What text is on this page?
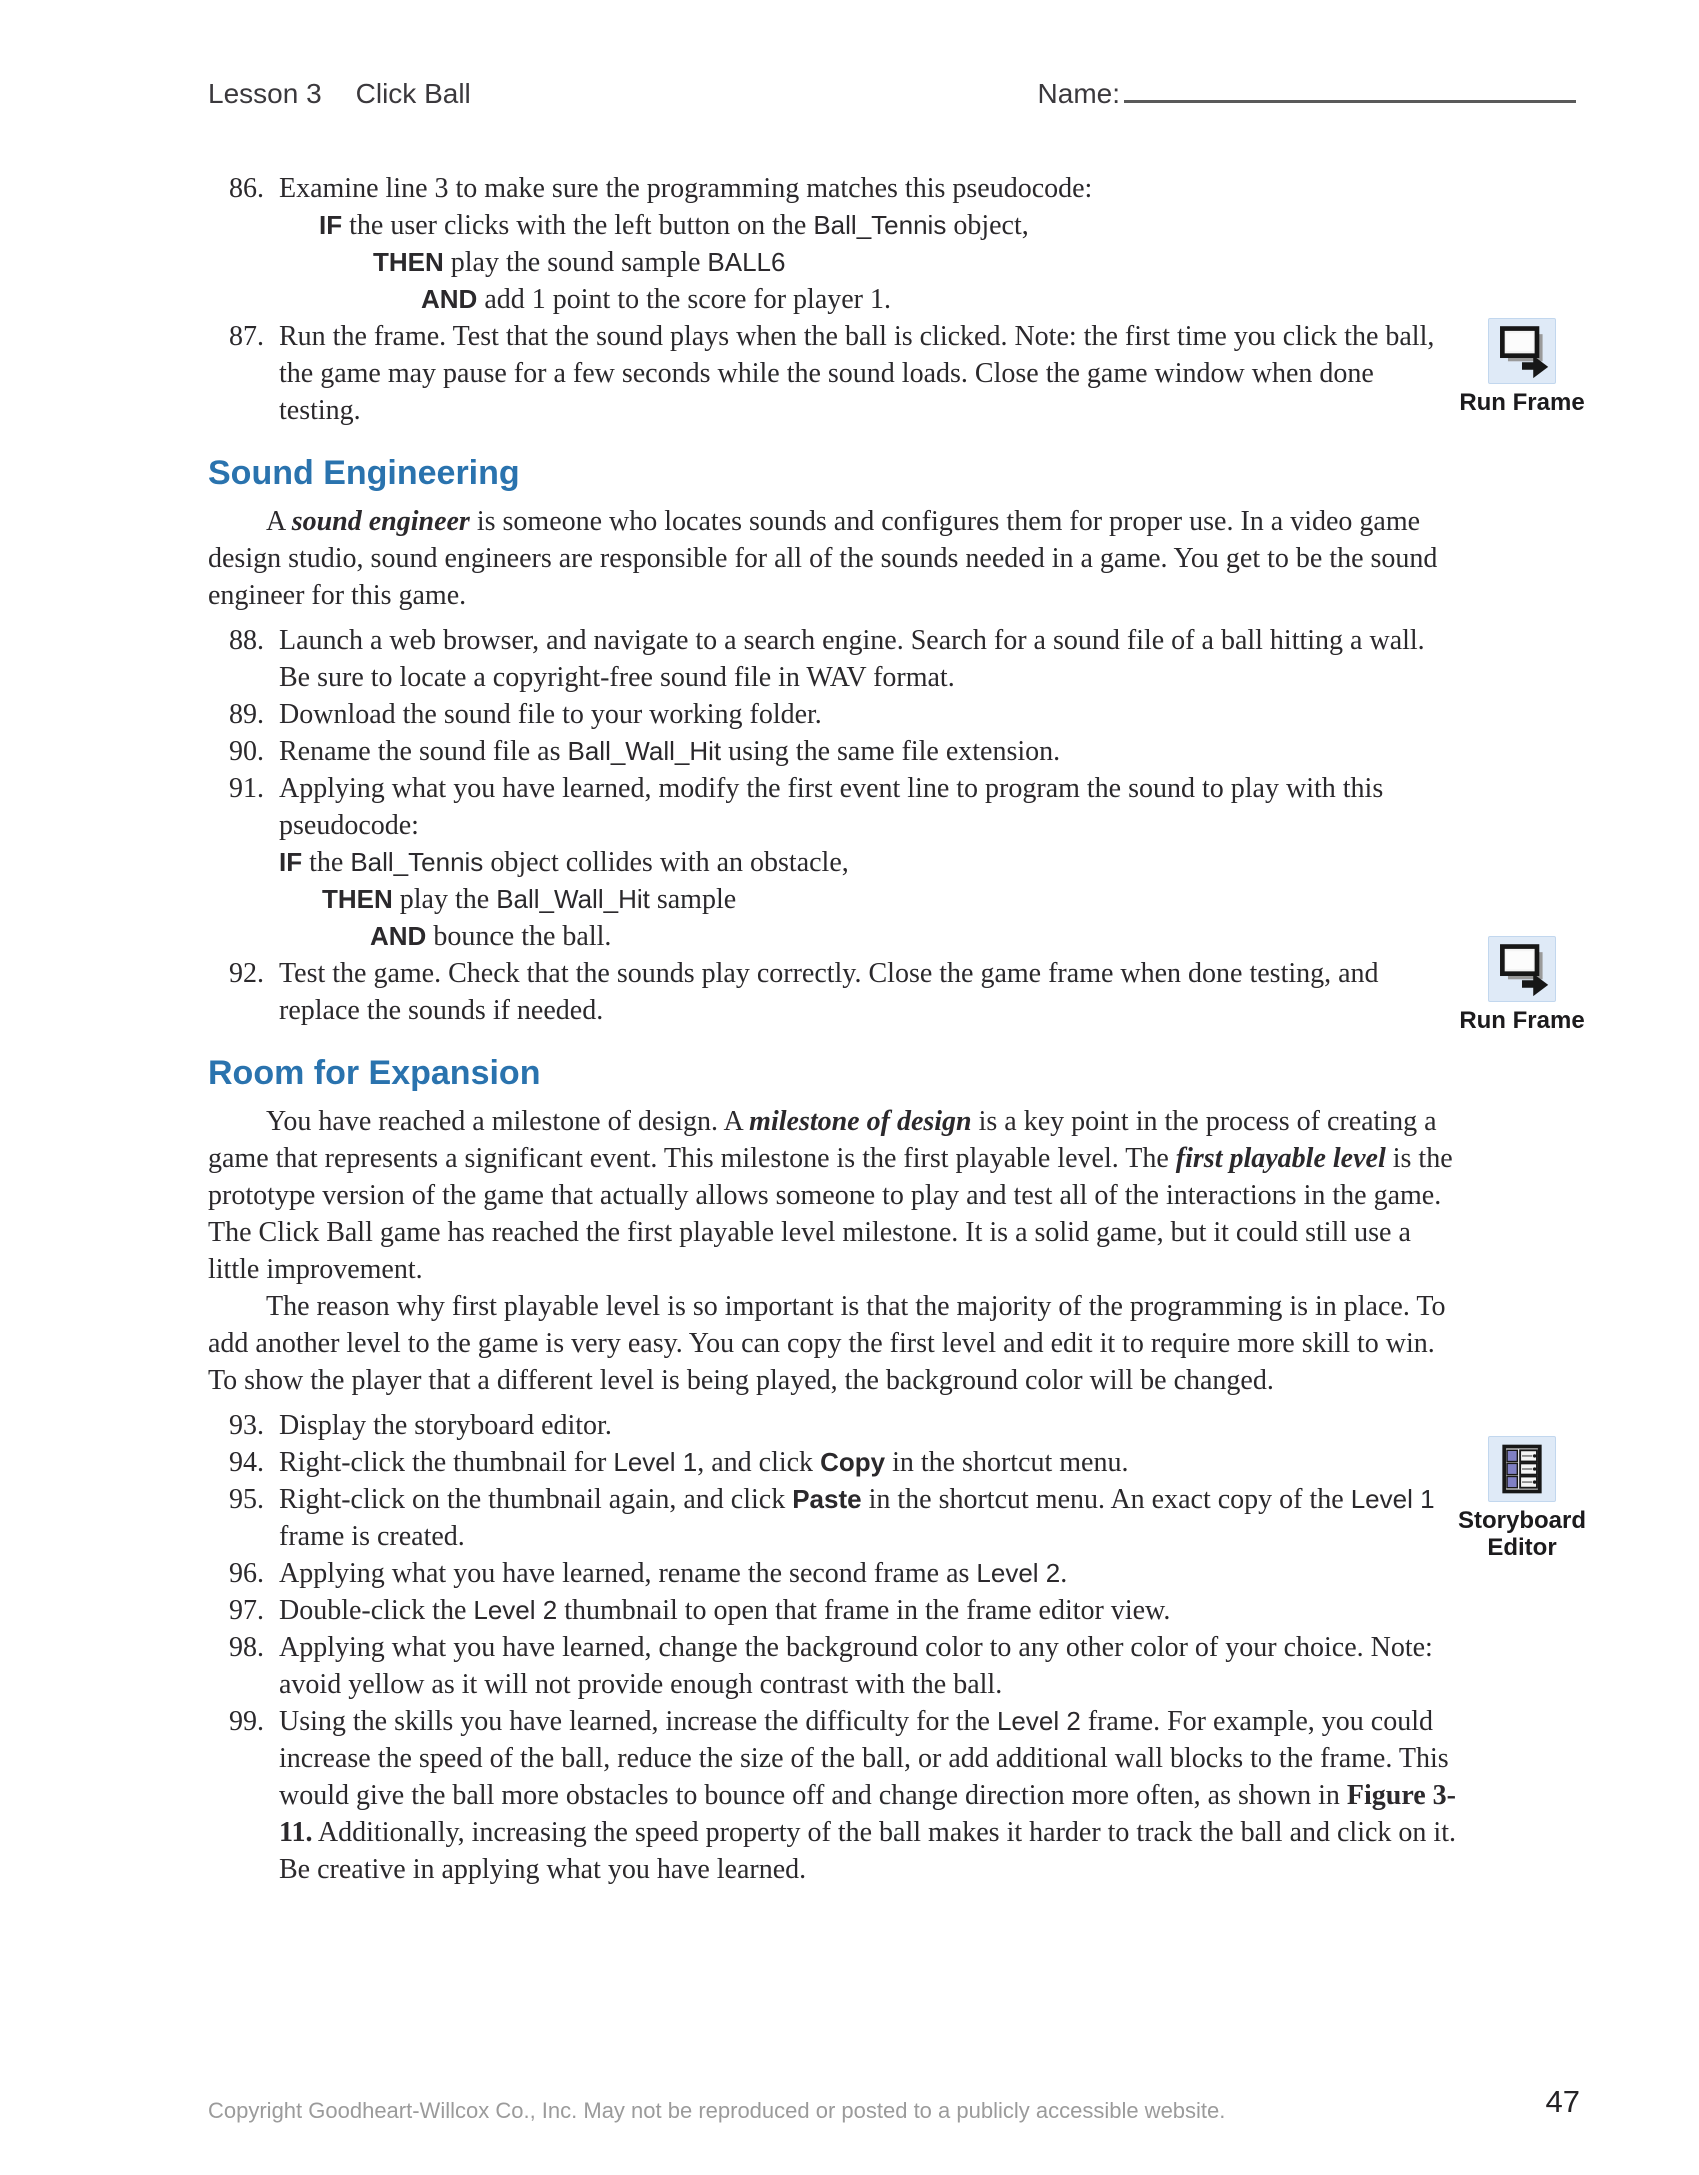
Lesson 3 Click Ball	Name:
86. Examine line 3 to make sure the programming matches this pseudocode:
IF the user clicks with the left button on the Ball_Tennis object,
THEN play the sound sample BALL6
AND add 1 point to the score for player 1.
87. Run the frame. Test that the sound plays when the ball is clicked. Note: the first time you click the ball, the game may pause for a few seconds while the sound loads. Close the game window when done testing.
Sound Engineering

A sound engineer is someone who locates sounds and configures them for proper use. In a video game design studio, sound engineers are responsible for all of the sounds needed in a game. You get to be the sound engineer for this game.

88. Launch a web browser, and navigate to a search engine. Search for a sound file of a ball hitting a wall. Be sure to locate a copyright-free sound file in WAV format.
89. Download the sound file to your working folder.
90. Rename the sound file as Ball_Wall_Hit using the same file extension.
91. Applying what you have learned, modify the first event line to program the sound to play with this pseudocode:
IF the Ball_Tennis object collides with an obstacle,
THEN play the Ball_Wall_Hit sample
AND bounce the ball.
92. Test the game. Check that the sounds play correctly. Close the game frame when done testing, and replace the sounds if needed.
Room for Expansion

You have reached a milestone of design. A milestone of design is a key point in the process of creating a game that represents a significant event. This milestone is the first playable level. The first playable level is the prototype version of the game that actually allows someone to play and test all of the interactions in the game. The Click Ball game has reached the first playable level milestone. It is a solid game, but it could still use a little improvement.

The reason why first playable level is so important is that the majority of the programming is in place. To add another level to the game is very easy. You can copy the first level and edit it to require more skill to win. To show the player that a different level is being played, the background color will be changed.

93. Display the storyboard editor.
94. Right-click the thumbnail for Level 1, and click Copy in the shortcut menu.
95. Right-click on the thumbnail again, and click Paste in the shortcut menu. An exact copy of the Level 1 frame is created.
96. Applying what you have learned, rename the second frame as Level 2.
97. Double-click the Level 2 thumbnail to open that frame in the frame editor view.
98. Applying what you have learned, change the background color to any other color of your choice. Note: avoid yellow as it will not provide enough contrast with the ball.
99. Using the skills you have learned, increase the difficulty for the Level 2 frame. For example, you could increase the speed of the ball, reduce the size of the ball, or add additional wall blocks to the frame. This would give the ball more obstacles to bounce off and change direction more often, as shown in Figure 3-11. Additionally, increasing the speed property of the ball makes it harder to track the ball and click on it. Be creative in applying what you have learned.
Run Frame
Run Frame
Storyboard
Editor
Copyright Goodheart-Willcox Co., Inc. May not be reproduced or posted to a publicly accessible website.	47
